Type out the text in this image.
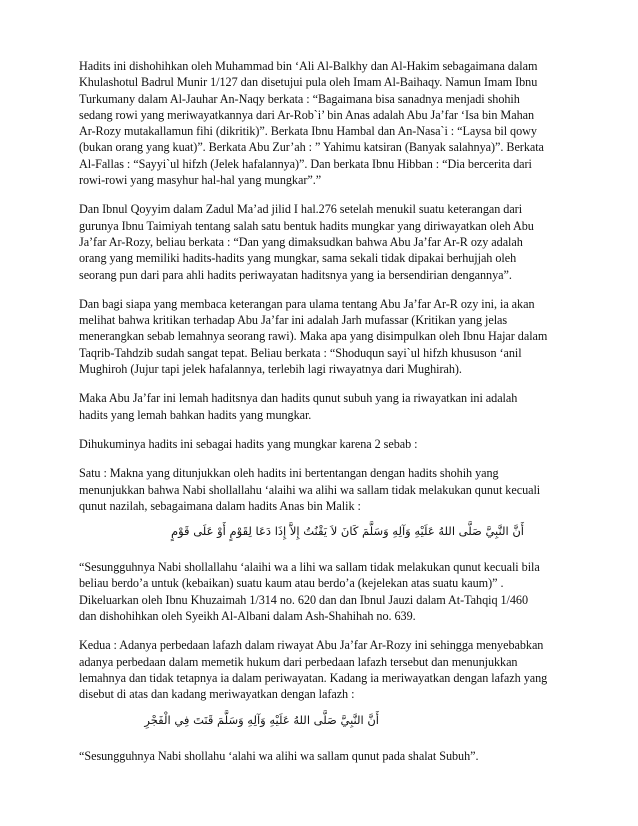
Hadits ini dishohihkan oleh Muhammad bin ‘Ali Al-Balkhy dan Al-Hakim sebagaimana dalam
Khulashotul Badrul Munir 1/127 dan disetujui pula oleh Imam Al-Baihaqy. Namun Imam Ibnu
Turkumany dalam Al-Jauhar An-Naqy berkata : “Bagaimana bisa sanadnya menjadi shohih
sedang rowi yang meriwayatkannya dari Ar-Rob`i’ bin Anas adalah Abu Ja’far ‘Isa bin Mahan
Ar-Rozy mutakallamun fihi (dikritik)”. Berkata Ibnu Hambal dan An-Nasa`i : “Laysa bil qowy
(bukan orang yang kuat)”. Berkata Abu Zur’ah : ” Yahimu katsiran (Banyak salahnya)”. Berkata
Al-Fallas : “Sayyi`ul hifzh (Jelek hafalannya)”. Dan berkata Ibnu Hibban : “Dia bercerita dari
rowi-rowi yang masyhur hal-hal yang mungkar”.”

Dan Ibnul Qoyyim dalam Zadul Ma’ad jilid I hal.276 setelah menukil suatu keterangan dari
gurunya Ibnu Taimiyah tentang salah satu bentuk hadits mungkar yang diriwayatkan oleh Abu
Ja’far Ar-Rozy, beliau berkata : “Dan yang dimaksudkan bahwa Abu Ja’far Ar-R ozy adalah
orang yang memiliki hadits-hadits yang mungkar, sama sekali tidak dipakai berhujjah oleh
seorang pun dari para ahli hadits periwayatan haditsnya yang ia bersendirian dengannya”.

Dan bagi siapa yang membaca keterangan para ulama tentang Abu Ja’far Ar-R ozy ini, ia akan
melihat bahwa kritikan terhadap Abu Ja’far ini adalah Jarh mufassar (Kritikan yang jelas
menerangkan sebab lemahnya seorang rawi). Maka apa yang disimpulkan oleh Ibnu Hajar dalam
Taqrib-Tahdzib sudah sangat tepat. Beliau berkata : “Shoduqun sayi`ul hifzh khususon ‘anil
Mughiroh (Jujur tapi jelek hafalannya, terlebih lagi riwayatnya dari Mughirah).

Maka Abu Ja’far ini lemah haditsnya dan hadits qunut subuh yang ia riwayatkan ini adalah
hadits yang lemah bahkan hadits yang mungkar.

Dihukuminya hadits ini sebagai hadits yang mungkar karena 2 sebab :

Satu : Makna yang ditunjukkan oleh hadits ini bertentangan dengan hadits shohih yang
menunjukkan bahwa Nabi shollallahu ‘alaihi wa alihi wa sallam tidak melakukan qunut kecuali
qunut nazilah, sebagaimana dalam hadits Anas bin Malik :

أَنَّ النَّبِيَّ صَلَّى اللهُ عَلَيْهِ وَآلِهِ وَسَلَّمَ كَانَ لاَ يَقْنُتُ إِلاَّ إِذَا دَعَا لِقَوْمٍ أَوْ عَلَى قَوْمٍ

“Sesungguhnya Nabi shollallahu ‘alaihi wa a lihi wa sallam tidak melakukan qunut kecuali bila
beliau berdo’a untuk (kebaikan) suatu kaum atau berdo’a (kejelekan atas suatu kaum)” .
Dikeluarkan oleh Ibnu Khuzaimah 1/314 no. 620 dan dan Ibnul Jauzi dalam At-Tahqiq 1/460
dan dishohihkan oleh Syeikh Al-Albani dalam Ash-Shahihah no. 639.

Kedua : Adanya perbedaan lafazh dalam riwayat Abu Ja’far Ar-Rozy ini sehingga menyebabkan
adanya perbedaan dalam memetik hukum dari perbedaan lafazh tersebut dan menunjukkan
lemahnya dan tidak tetapnya ia dalam periwayatan. Kadang ia meriwayatkan dengan lafazh yang
disebut di atas dan kadang meriwayatkan dengan lafazh :

أَنَّ النَّبِيَّ صَلَّى اللهُ عَلَيْهِ وَآلِهِ وَسَلَّمَ قَنَتَ فِي الْفَجْرِ

“Sesungguhnya Nabi shollahu ‘alahi wa alihi wa sallam qunut pada shalat Subuh”.
